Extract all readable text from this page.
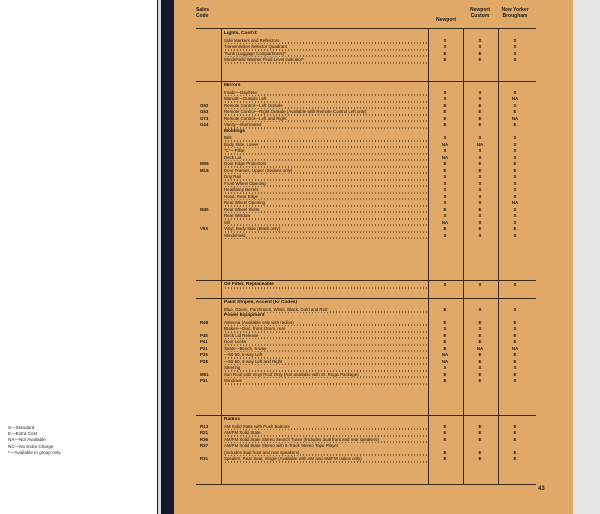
S—Standard
E—Extra Cost
NA—Not Available
NC—No Extra Charge
*—Available in group only.
Sales
Code
Newport
Newport
Custom
New Yorker
Brougham
Lights, Cont'd:
Side Markers and Reflectors	S	S	S
Transmission Selector Quadrant	S	S	S
Trunk (Luggage Compartment)*	E	E	S
Windshield Washer Fluid Level Indicator*	E	E	S
Mirrors
Inside—Day/Nite	S	S	S
Manual—Outside Left	S	S	NA
G52	Remote Control—Left Outside	E	E	S
G63	Remote Control—Right Outside (Available with Remote Control Left only)	E	E	E
G73	Remote Control—Left and Right	E	E	NA
G44	Vanity—Illuminated	E	E	E
Moldings
Belt	S	S	S
Body Side, Lower	NA	NA	S
"C"—Pillar	S	S	S
Deck Lid	NA	S	S
M05	Door Edge Protectors	E	E	E
M15	Door Frames, Upper (Sedans only)	E	E	E
Drip Rail	S	S	S
Front Wheel Opening	S	S	S
Headlamp Bezels	S	S	S
Hood, Rear Edge	S	S	S
Rear Wheel Opening	S	S	NA
M45	Rear Wheel Skirts	E	E	S
Rear Window	S	S	S
Sill	NA	S	S
V5X	Vinyl, Body Side (Black only)	E	E	E
Windshield	S	S	S
Oil Filter, Replaceable	S	S	S
Paint Stripes, Accent (K/ Codes)
Blue, Green, Parchment, White, Black, Gold and Red	E	S	S
Power Equipment
R48	Antenna (Available only with radios)	E	E	E
Brakes—Disc, front; Drum, rear	S	S	S
P45	Deck Lid Release	E	E	E
P41	Door Locks	E	E	E
P21	Seats—Bench, 6-way	E	NA	NA
P25	—50-50, 6-way Left	NA	E	E
P28	—50-50, 6-way Left and Right	NA	E	E
Steering	S	S	S
M51	Sun Roof with Vinyl Roof Only (Not available with St. Regis Package)	E	E	E
P31	Windows	E	E	S
Radios
R13	AM Solid State with Push Buttons	E	E	E
R21	AM/FM Solid State	E	E	E
R36	AM/FM Solid State Stereo Search Tuner (Includes dual front and rear speakers)	E	E	E
R37	AM/FM Solid State Stereo with 8-Track Stereo Tape Player
(Includes dual front and rear speakers)	E	E	E
R31	Speaker, Rear Seat, Single (Available with AM and AM/FM radios only)	E	E	E
43
